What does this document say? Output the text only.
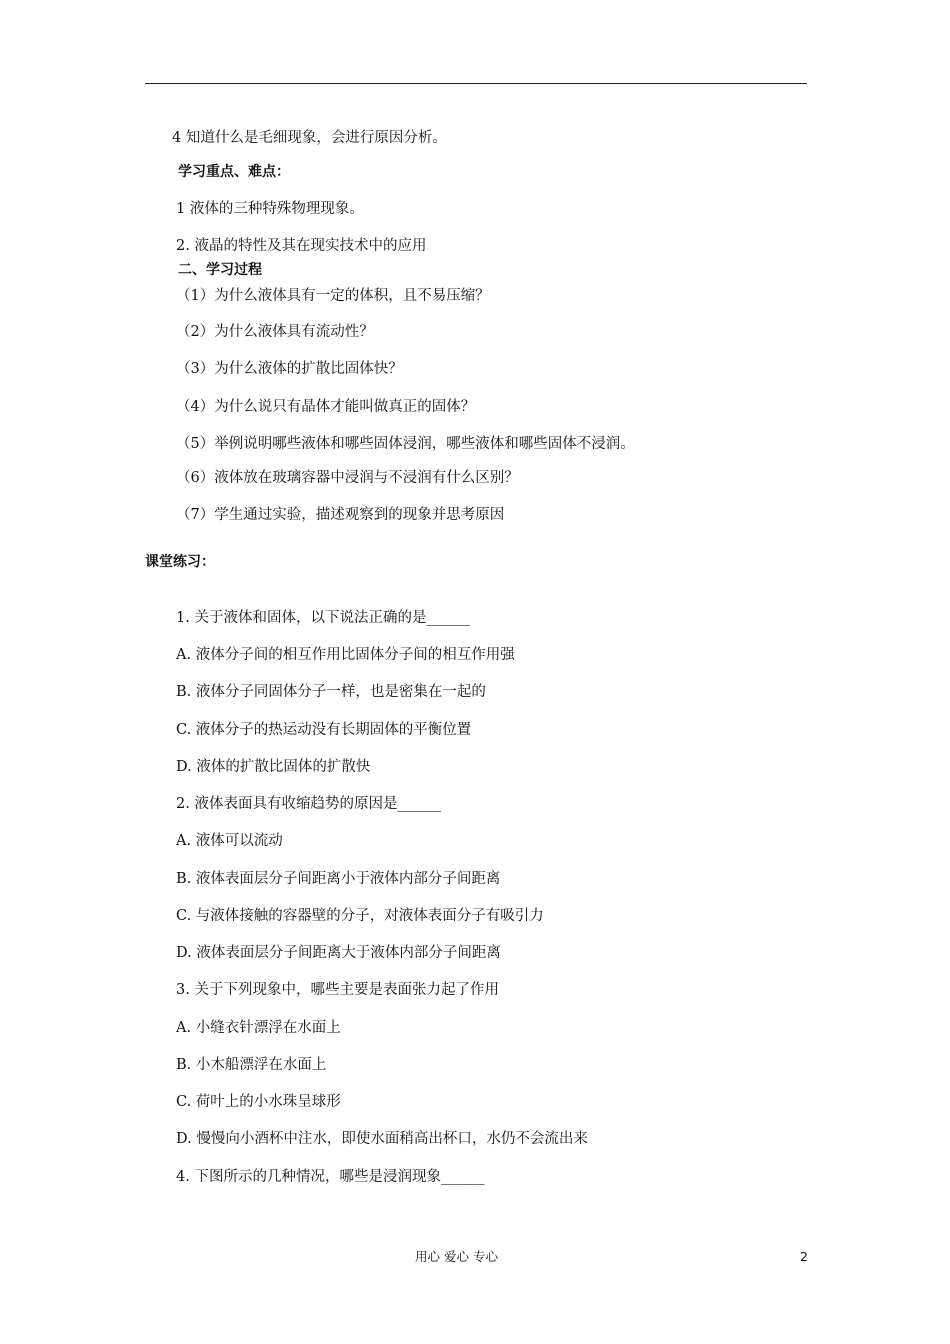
4 知道什么是毛细现象，会进行原因分析。
学习重点、难点：
1 液体的三种特殊物理现象。
2. 液晶的特性及其在现实技术中的应用
二、学习过程
（1）为什么液体具有一定的体积，且不易压缩？
（2）为什么液体具有流动性？
（3）为什么液体的扩散比固体快？
（4）为什么说只有晶体才能叫做真正的固体？
（5）举例说明哪些液体和哪些固体浸润，哪些液体和哪些固体不浸润。
（6）液体放在玻璃容器中浸润与不浸润有什么区别？
（7）学生通过实验，描述观察到的现象并思考原因
课堂练习：
1. 关于液体和固体，以下说法正确的是______
A. 液体分子间的相互作用比固体分子间的相互作用强
B. 液体分子同固体分子一样，也是密集在一起的
C. 液体分子的热运动没有长期固体的平衡位置
D. 液体的扩散比固体的扩散快
2. 液体表面具有收缩趋势的原因是______
A. 液体可以流动
B. 液体表面层分子间距离小于液体内部分子间距离
C. 与液体接触的容器壁的分子，对液体表面分子有吸引力
D. 液体表面层分子间距离大于液体内部分子间距离
3. 关于下列现象中，哪些主要是表面张力起了作用
A. 小缝衣针漂浮在水面上
B. 小木船漂浮在水面上
C. 荷叶上的小水珠呈球形
D. 慢慢向小酒杯中注水，即使水面稍高出杯口，水仍不会流出来
4. 下图所示的几种情况，哪些是浸润现象______
用心 爱心 专心	2
